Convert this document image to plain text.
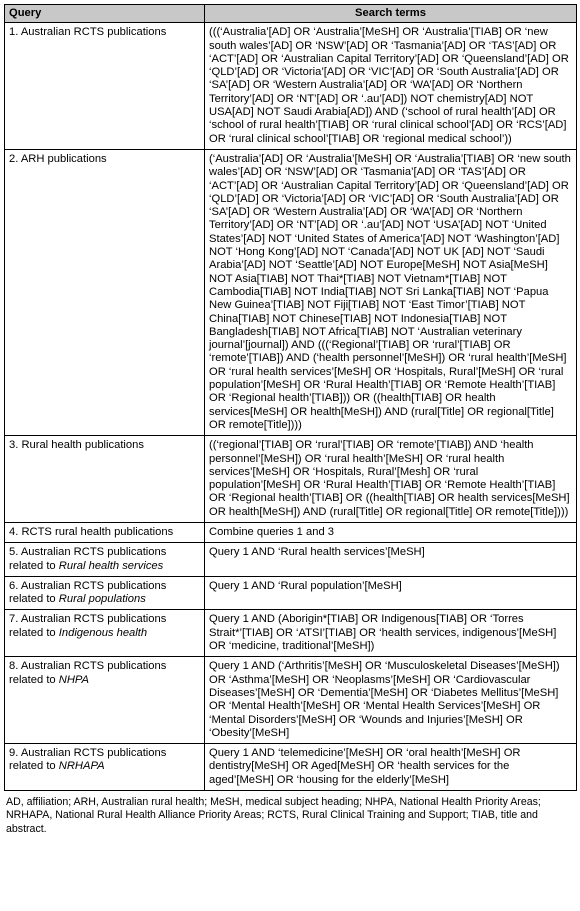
Query	Search terms
1. Australian RCTS publications	(((‘Australia’[AD] OR ‘Australia’[MeSH] OR ‘Australia’[TIAB] OR ‘new south wales’[AD] OR ‘NSW’[AD] OR ‘Tasmania’[AD] OR ‘TAS’[AD] OR ‘ACT’[AD] OR ‘Australian Capital Territory’[AD] OR ‘Queensland’[AD] OR ‘QLD’[AD] OR ‘Victoria’[AD] OR ‘VIC’[AD] OR ‘South Australia’[AD] OR ‘SA’[AD] OR ‘Western Australia’[AD] OR ‘WA’[AD] OR ‘Northern Territory’[AD] OR ‘NT’[AD] OR ‘.au’[AD]) NOT chemistry[AD] NOT USA[AD] NOT Saudi Arabia[AD]) AND (‘school of rural health’[AD] OR ‘school of rural health’[TIAB] OR ‘rural clinical school’[AD] OR ‘RCS’[AD] OR ‘rural clinical school’[TIAB] OR ‘regional medical school’))
2. ARH publications	(‘Australia’[AD] OR ‘Australia’[MeSH] OR ‘Australia’[TIAB] OR ‘new south wales’[AD] OR ‘NSW’[AD] OR ‘Tasmania’[AD] OR ‘TAS’[AD] OR ‘ACT’[AD] OR ‘Australian Capital Territory’[AD] OR ‘Queensland’[AD] OR ‘QLD’[AD] OR ‘Victoria’[AD] OR ‘VIC’[AD] OR ‘South Australia’[AD] OR ‘SA’[AD] OR ‘Western Australia’[AD] OR ‘WA’[AD] OR ‘Northern Territory’[AD] OR ‘NT’[AD] OR ‘.au’[AD] NOT ‘USA’[AD] NOT ‘United States’[AD] NOT ‘United States of America’[AD] NOT ‘Washington’[AD] NOT ‘Hong Kong’[AD] NOT ‘Canada’[AD] NOT UK [AD] NOT ‘Saudi Arabia’[AD] NOT ‘Seattle’[AD] NOT Europe[MeSH] NOT Asia[MeSH] NOT Asia[TIAB] NOT Thai*[TIAB] NOT Vietnam*[TIAB] NOT Cambodia[TIAB] NOT India[TIAB] NOT Sri Lanka[TIAB] NOT ‘Papua New Guinea’[TIAB] NOT Fiji[TIAB] NOT ‘East Timor’[TIAB] NOT China[TIAB] NOT Chinese[TIAB] NOT Indonesia[TIAB] NOT Bangladesh[TIAB] NOT Africa[TIAB] NOT ‘Australian veterinary journal’[journal]) AND (((‘Regional’[TIAB] OR ‘rural’[TIAB] OR ‘remote’[TIAB]) AND (‘health personnel’[MeSH]) OR ‘rural health’[MeSH] OR ‘rural health services’[MeSH] OR ‘Hospitals, Rural’[MeSH] OR ‘rural population’[MeSH] OR ‘Rural Health’[TIAB] OR ‘Remote Health’[TIAB] OR ‘Regional health’[TIAB])) OR ((health[TIAB] OR health services[MeSH] OR health[MeSH]) AND (rural[Title] OR regional[Title] OR remote[Title])))
3. Rural health publications	((‘regional’[TIAB] OR ‘rural’[TIAB] OR ‘remote’[TIAB]) AND ‘health personnel’[MeSH]) OR ‘rural health’[MeSH] OR ‘rural health services’[MeSH] OR ‘Hospitals, Rural’[Mesh] OR ‘rural population’[MeSH] OR ‘Rural Health’[TIAB] OR ‘Remote Health’[TIAB] OR ‘Regional health’[TIAB] OR ((health[TIAB] OR health services[MeSH] OR health[MeSH]) AND (rural[Title] OR regional[Title] OR remote[Title])))
4. RCTS rural health publications	Combine queries 1 and 3
5. Australian RCTS publications related to Rural health services	Query 1 AND ‘Rural health services’[MeSH]
6. Australian RCTS publications related to Rural populations	Query 1 AND ‘Rural population’[MeSH]
7. Australian RCTS publications related to Indigenous health	Query 1 AND (Aborigin*[TIAB] OR Indigenous[TIAB] OR ‘Torres Strait*’[TIAB] OR ‘ATSI’[TIAB] OR ‘health services, indigenous’[MeSH] OR ‘medicine, traditional’[MeSH])
8. Australian RCTS publications related to NHPA	Query 1 AND (‘Arthritis’[MeSH] OR ‘Musculoskeletal Diseases’[MeSH]) OR ‘Asthma’[MeSH] OR ‘Neoplasms’[MeSH] OR ‘Cardiovascular Diseases’[MeSH] OR ‘Dementia’[MeSH] OR ‘Diabetes Mellitus’[MeSH] OR ‘Mental Health’[MeSH] OR ‘Mental Health Services’[MeSH] OR ‘Mental Disorders’[MeSH] OR ‘Wounds and Injuries’[MeSH] OR ‘Obesity’[MeSH]
9. Australian RCTS publications related to NRHAPA	Query 1 AND ‘telemedicine’[MeSH] OR ‘oral health’[MeSH] OR dentistry[MeSH] OR Aged[MeSH] OR ‘health services for the aged’[MeSH] OR ‘housing for the elderly’[MeSH]
AD, affiliation; ARH, Australian rural health; MeSH, medical subject heading; NHPA, National Health Priority Areas; NRHAPA, National Rural Health Alliance Priority Areas; RCTS, Rural Clinical Training and Support; TIAB, title and abstract.
